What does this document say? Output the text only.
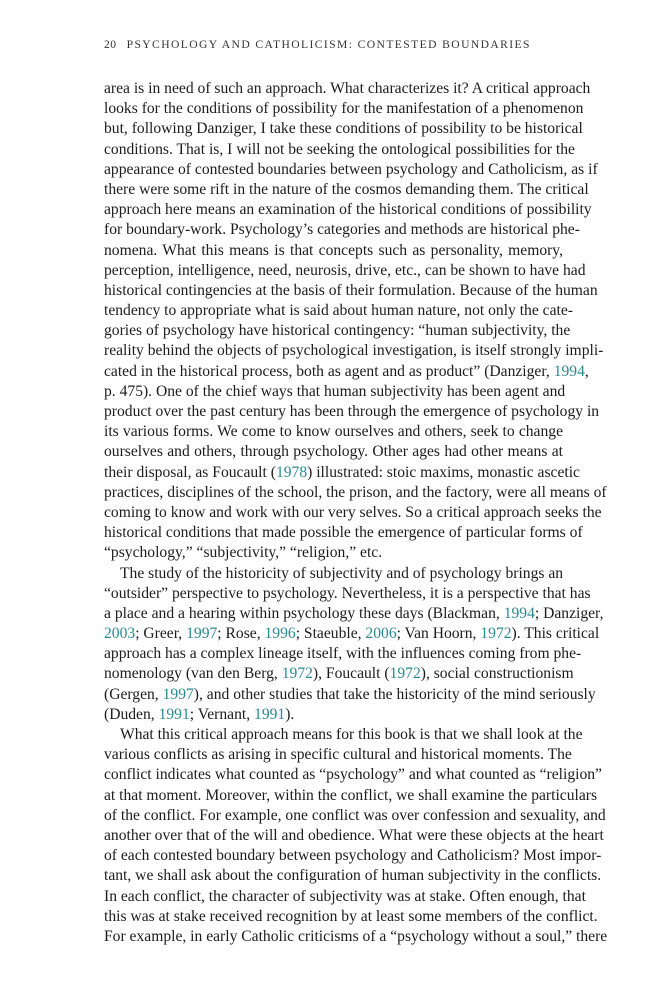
20 PSYCHOLOGY AND CATHOLICISM: CONTESTED BOUNDARIES
area is in need of such an approach. What characterizes it? A critical approach
looks for the conditions of possibility for the manifestation of a phenomenon
but, following Danziger, I take these conditions of possibility to be historical
conditions. That is, I will not be seeking the ontological possibilities for the
appearance of contested boundaries between psychology and Catholicism, as if
there were some rift in the nature of the cosmos demanding them. The critical
approach here means an examination of the historical conditions of possibility
for boundary-work. Psychology’s categories and methods are historical phe-
nomena. What this means is that concepts such as personality, memory,
perception, intelligence, need, neurosis, drive, etc., can be shown to have had
historical contingencies at the basis of their formulation. Because of the human
tendency to appropriate what is said about human nature, not only the cate-
gories of psychology have historical contingency: “human subjectivity, the
reality behind the objects of psychological investigation, is itself strongly impli-
cated in the historical process, both as agent and as product” (Danziger, 1994,
p. 475). One of the chief ways that human subjectivity has been agent and
product over the past century has been through the emergence of psychology in
its various forms. We come to know ourselves and others, seek to change
ourselves and others, through psychology. Other ages had other means at
their disposal, as Foucault (1978) illustrated: stoic maxims, monastic ascetic
practices, disciplines of the school, the prison, and the factory, were all means of
coming to know and work with our very selves. So a critical approach seeks the
historical conditions that made possible the emergence of particular forms of
“psychology,” “subjectivity,” “religion,” etc.
The study of the historicity of subjectivity and of psychology brings an
“outsider” perspective to psychology. Nevertheless, it is a perspective that has
a place and a hearing within psychology these days (Blackman, 1994; Danziger,
2003; Greer, 1997; Rose, 1996; Staeuble, 2006; Van Hoorn, 1972). This critical
approach has a complex lineage itself, with the influences coming from phe-
nomenology (van den Berg, 1972), Foucault (1972), social constructionism
(Gergen, 1997), and other studies that take the historicity of the mind seriously
(Duden, 1991; Vernant, 1991).
What this critical approach means for this book is that we shall look at the
various conflicts as arising in specific cultural and historical moments. The
conflict indicates what counted as “psychology” and what counted as “religion”
at that moment. Moreover, within the conflict, we shall examine the particulars
of the conflict. For example, one conflict was over confession and sexuality, and
another over that of the will and obedience. What were these objects at the heart
of each contested boundary between psychology and Catholicism? Most impor-
tant, we shall ask about the configuration of human subjectivity in the conflicts.
In each conflict, the character of subjectivity was at stake. Often enough, that
this was at stake received recognition by at least some members of the conflict.
For example, in early Catholic criticisms of a “psychology without a soul,” there
